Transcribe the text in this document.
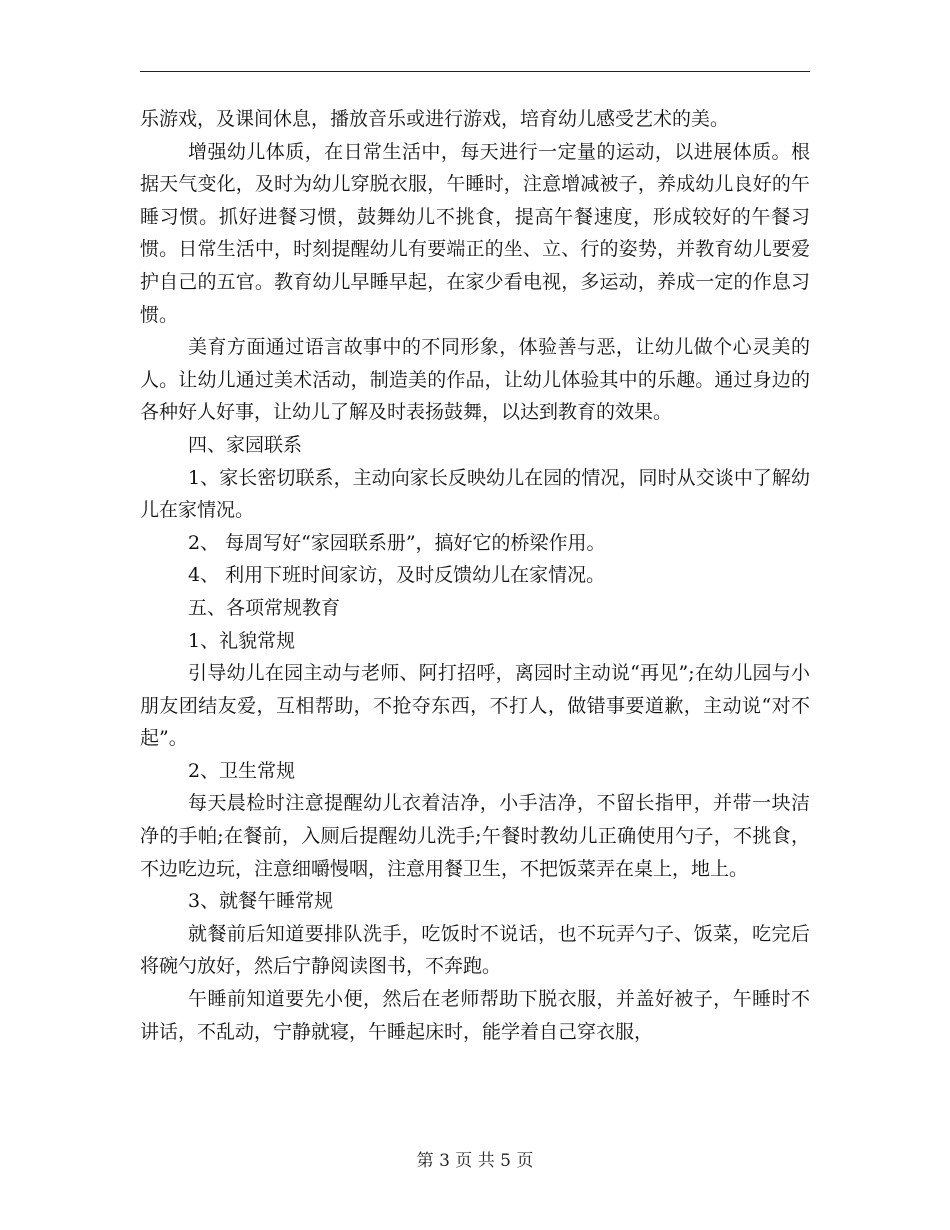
乐游戏，及课间休息，播放音乐或进行游戏，培育幼儿感受艺术的美。

增强幼儿体质，在日常生活中，每天进行一定量的运动，以进展体质。根据天气变化，及时为幼儿穿脱衣服，午睡时，注意增减被子，养成幼儿良好的午睡习惯。抓好进餐习惯，鼓舞幼儿不挑食，提高午餐速度，形成较好的午餐习惯。日常生活中，时刻提醒幼儿有要端正的坐、立、行的姿势，并教育幼儿要爱护自己的五官。教育幼儿早睡早起，在家少看电视，多运动，养成一定的作息习惯。

美育方面通过语言故事中的不同形象，体验善与恶，让幼儿做个心灵美的人。让幼儿通过美术活动，制造美的作品，让幼儿体验其中的乐趣。通过身边的各种好人好事，让幼儿了解及时表扬鼓舞，以达到教育的效果。

四、家园联系

1、家长密切联系，主动向家长反映幼儿在园的情况，同时从交谈中了解幼儿在家情况。

2、 每周写好“家园联系册”，搞好它的桥梁作用。

4、 利用下班时间家访，及时反馈幼儿在家情况。

五、各项常规教育

1、礼貌常规

引导幼儿在园主动与老师、阿打招呼，离园时主动说“再见”;在幼儿园与小朋友团结友爱，互相帮助，不抢夺东西，不打人，做错事要道歉，主动说“对不起”。

2、卫生常规

每天晨检时注意提醒幼儿衣着洁净，小手洁净，不留长指甲，并带一块洁净的手帕;在餐前，入厕后提醒幼儿洗手;午餐时教幼儿正确使用勺子，不挑食，不边吃边玩，注意细嚼慢咽，注意用餐卫生，不把饭菜弄在桌上，地上。

3、就餐午睡常规

就餐前后知道要排队洗手，吃饭时不说话，也不玩弄勺子、饭菜，吃完后将碗勺放好，然后宁静阅读图书，不奔跑。

午睡前知道要先小便，然后在老师帮助下脱衣服，并盖好被子，午睡时不讲话，不乱动，宁静就寝，午睡起床时，能学着自己穿衣服，

第 3 页 共 5 页
